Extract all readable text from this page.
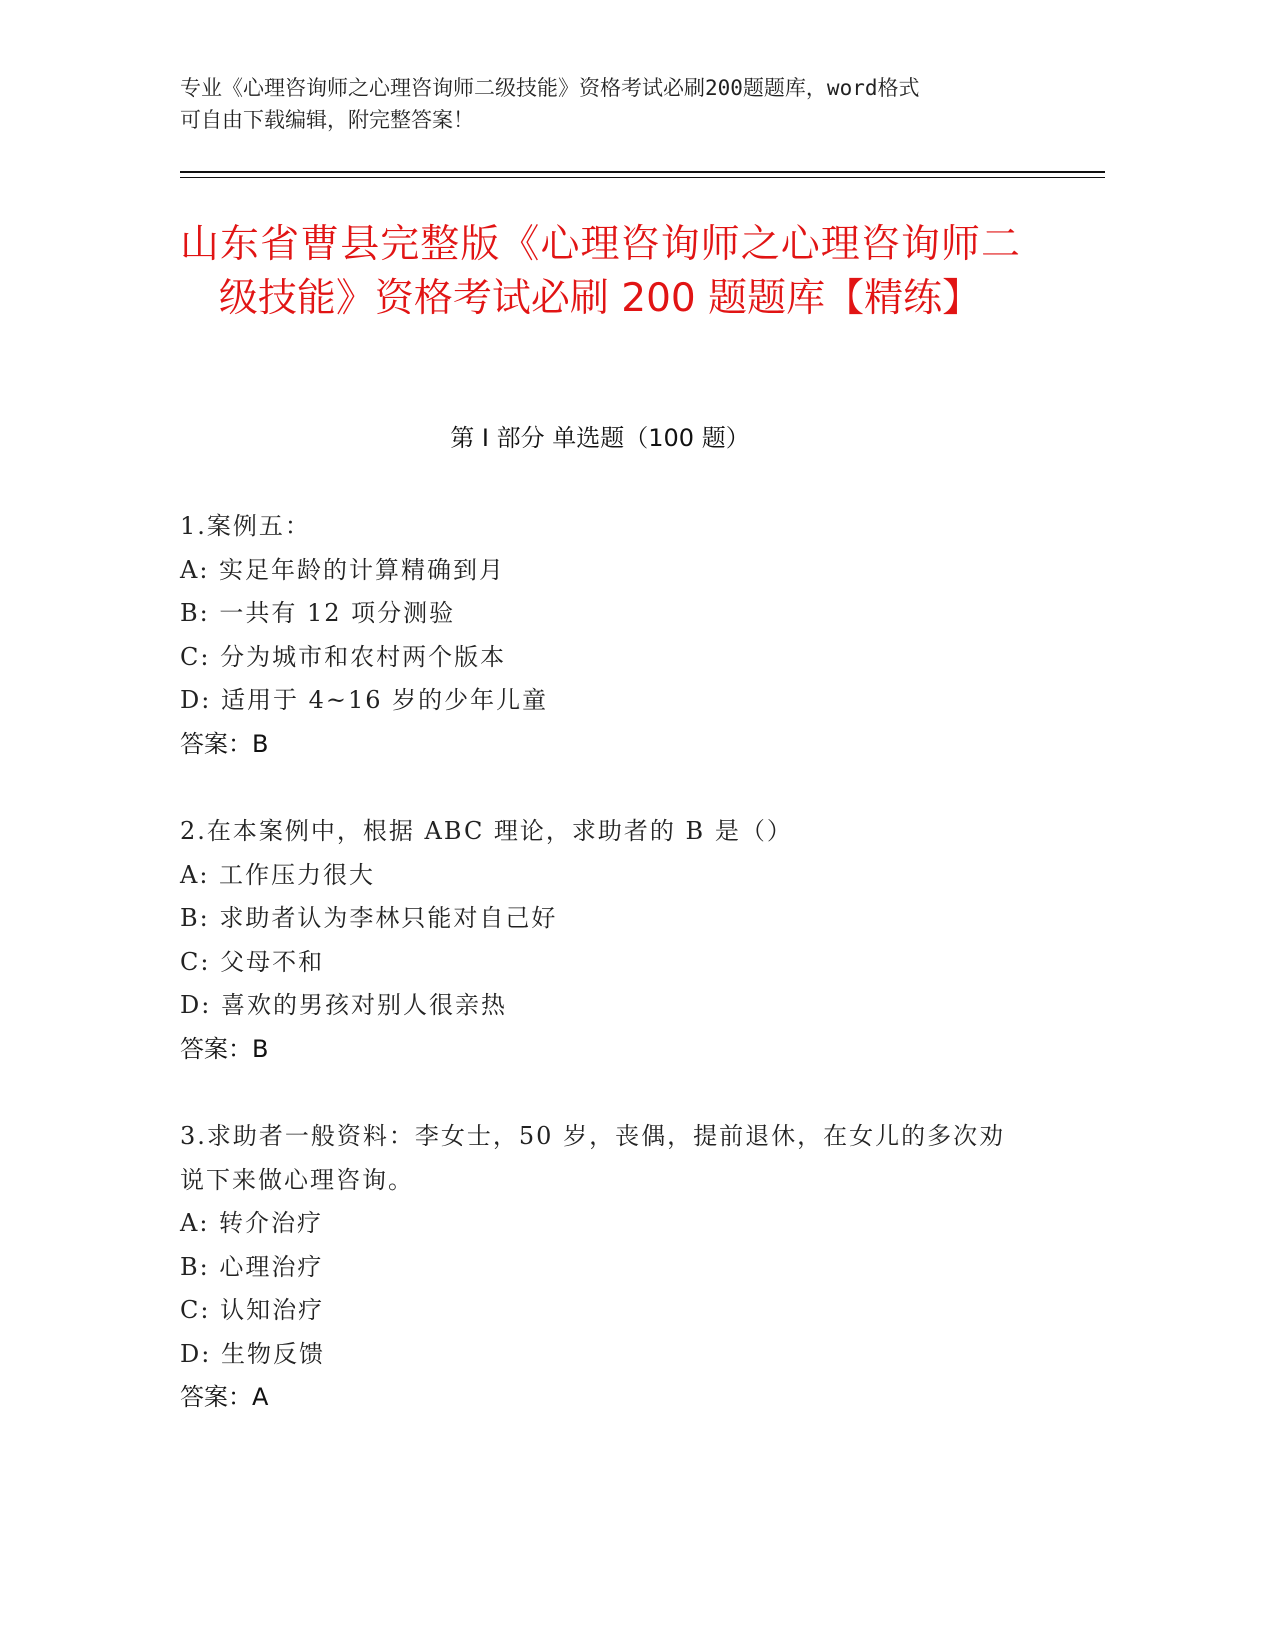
专业《心理咨询师之心理咨询师二级技能》资格考试必刷200题题库，word格式
可自由下载编辑，附完整答案！
山东省曹县完整版《心理咨询师之心理咨询师二级技能》资格考试必刷 200 题题库【精练】
第 I 部分 单选题（100 题）
1.案例五：
A: 实足年龄的计算精确到月
B: 一共有 12 项分测验
C: 分为城市和农村两个版本
D: 适用于 4~16 岁的少年儿童
答案：B
2.在本案例中，根据 ABC 理论，求助者的 B 是（）
A: 工作压力很大
B: 求助者认为李林只能对自己好
C: 父母不和
D: 喜欢的男孩对别人很亲热
答案：B
3.求助者一般资料：李女士，50 岁，丧偶，提前退休，在女儿的多次劝说下来做心理咨询。
A: 转介治疗
B: 心理治疗
C: 认知治疗
D: 生物反馈
答案：A
